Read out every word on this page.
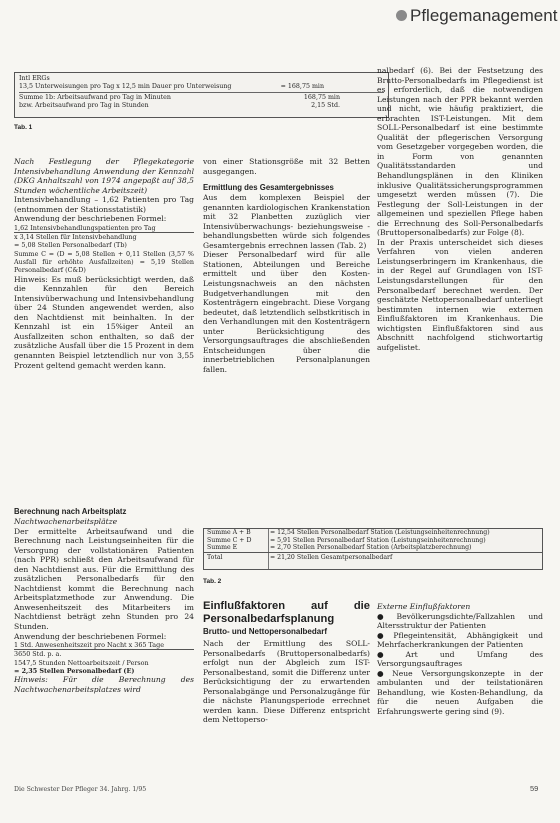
Pflegemanagement
Intl ERGs
13,5 Unterweisungen pro Tag x 12,5 min Dauer pro Unterweisung	= 168,75 min
Summe 1b: Arbeitsaufwand pro Tag in Minuten	168,75 min
bzw. Arbeitsaufwand pro Tag in Stunden	2,15 Std.
Tab. 1

Nach Festlegung der Pflegekategorie Intensivbehandlung Anwendung der Kennzahl (DKG Anhaltszahl von 1974 angepaßt auf 38,5 Stunden wöchentliche Arbeitszeit)

Intensivbehandlung – 1,62 Patienten pro Tag (entnommen der Stationsstatistik)

Anwendung der beschriebenen Formel:

1,62 Intensivbehandlungspatienten pro Tag

x 3,14 Stellen für Intensivbehandlung

= 5,08 Stellen Personalbedarf (Tb)

Summe C = (D = 5,08 Stellen + 0,11 Stellen (3,57 % Ausfall für erhöhte Ausfallzeiten) = 5,19 Stellen Personalbedarf (C&D)

Hinweis: Es muß berücksichtigt werden, daß die Kennzahlen für den Bereich Intensivüberwachung und Intensivbehandlung über 24 Stunden angewendet werden, also den Nachtdienst mit beinhalten. In der Kennzahl ist ein 15%iger Anteil an Ausfallzeiten schon enthalten, so daß der zusätzliche Ausfall über die 15 Prozent in dem genannten Beispiel letztendlich nur von 3,55 Prozent geltend gemacht werden kann.

von einer Stationsgröße mit 32 Betten ausgegangen.

Ermittlung des Gesamtergebnisses

Aus dem komplexen Beispiel der genannten kardiologischen Krankenstation mit 32 Planbetten zuzüglich vier Intensivüberwachungs- beziehungsweise -behandlungsbetten würde sich folgendes Gesamtergebnis errechnen lassen (Tab. 2)

Dieser Personalbedarf wird für alle Stationen, Abteilungen und Bereiche ermittelt und über den Kosten-Leistungsnachweis an den nächsten Budgetverhandlungen mit den Kostenträgern eingebracht. Diese Vorgang bedeutet, daß letztendlich selbstkritisch in den Verhandlungen mit den Kostenträgern unter Berücksichtigung des Versorgungsauftrages die abschließenden Entscheidungen über die innerbetrieblichen Personalplanungen fallen.

nalbedarf (6). Bei der Festsetzung des Brutto-Personalbedarfs im Pflegedienst ist es erforderlich, daß die notwendigen Leistungen nach der PPR bekannt werden und nicht, wie häufig praktiziert, die erbrachten IST-Leistungen. Mit dem SOLL-Personalbedarf ist eine bestimmte Qualität der pflegerischen Versorgung vom Gesetzgeber vorgegeben worden, die in Form von genannten Qualitätsstandarden und Behandlungsplänen in den Kliniken inklusive Qualitätssicherungsprogrammen umgesetzt werden müssen (7). Die Festlegung der Soll-Leistungen in der allgemeinen und speziellen Pflege haben die Errechnung des Soll-Personalbedarfs (Bruttopersonalbedarfs) zur Folge (8).

In der Praxis unterscheidet sich dieses Verfahren von vielen anderen Leistungserbringern im Krankenhaus, die in der Regel auf Grundlagen von IST-Leistungsdarstellungen für den Personalbedarf berechnet werden. Der geschätzte Nettopersonalbedarf unterliegt bestimmten internen wie externen Einflußfaktoren im Krankenhaus. Die wichtigsten Einflußfaktoren sind aus Abschnitt nachfolgend stichwortartig aufgelistet.

Berechnung nach Arbeitsplatz

Nachtwachenarbeitsplätze

Der ermittelte Arbeitsaufwand und die Berechnung nach Leistungseinheiten für die Versorgung der vollstationären Patienten (nach PPR) schließt den Arbeitsaufwand für den Nachtdienst aus. Für die Ermittlung des zusätzlichen Personalbedarfs für den Nachtdienst kommt die Berechnung nach Arbeitsplatzmethode zur Anwendung. Die Anwesenheitszeit des Mitarbeiters im Nachtdienst beträgt zehn Stunden pro 24 Stunden.

Anwendung der beschriebenen Formel:

1 Std. Anwesenheitszeit pro Nacht x 365 Tage

3650 Std. p. a.

1547,5 Stunden Nettoarbeitszeit / Person

= 2,35 Stellen Personalbedarf (E)

Hinweis: Für die Berechnung des Nachtwachenarbeitsplatzes wird

Summe A + B	= 12,54 Stellen Personalbedarf Station (Leistungseinheitenrechnung)
Summe C + D	= 5,91 Stellen Personalbedarf Station (Leistungseinheitenrechnung)
Summe E	= 2,70 Stellen Personalbedarf Station (Arbeitsplatzberechnung)
Total	= 21,20 Stellen Gesamtpersonalbedarf
Tab. 2

Einflußfaktoren auf die Personalbedarfsplanung

Brutto- und Nettopersonalbedarf

Nach der Ermittlung des SOLL-Personalbedarfs (Bruttopersonalbedarfs) erfolgt nun der Abgleich zum IST-Personalbestand, somit die Differenz unter Berücksichtigung der zu erwartenden Personalabgänge und Personalzugänge für die nächste Planungsperiode errechnet werden kann. Diese Differenz entspricht dem Nettoperso-

Externe Einflußfaktoren

● Bevölkerungsdichte/Fallzahlen und Altersstruktur der Patienten

● Pflegeintensität, Abhängigkeit und Mehrfacherkrankungen der Patienten

● Art und Umfang des Versorgungsauftrages

● Neue Versorgungskonzepte in der ambulanten und der teilstationären Behandlung, wie Kosten-Behandlung, da für die neuen Aufgaben die Erfahrungswerte gering sind (9).

Die Schwester Der Pfleger 34. Jahrg. 1/95	59
